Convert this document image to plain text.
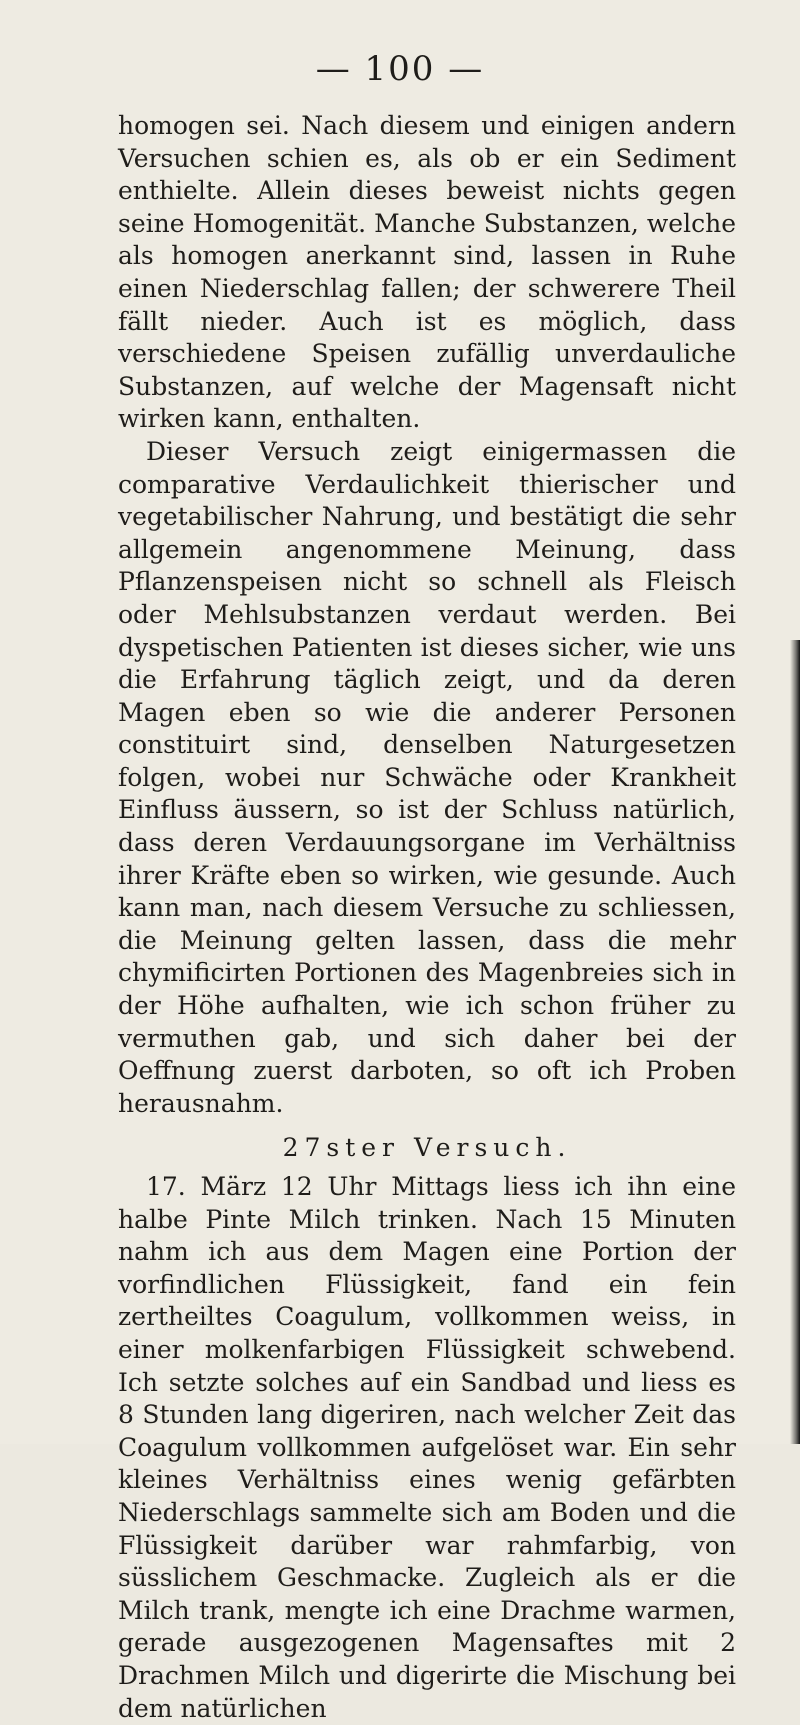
— 100 —

homogen sei. Nach diesem und einigen andern Versuchen schien es, als ob er ein Sediment enthielte. Allein dieses beweist nichts gegen seine Homogenität. Manche Substanzen, welche als homogen anerkannt sind, lassen in Ruhe einen Niederschlag fallen; der schwerere Theil fällt nieder. Auch ist es möglich, dass verschiedene Speisen zufällig unverdauliche Substanzen, auf welche der Magensaft nicht wirken kann, enthalten.

Dieser Versuch zeigt einigermassen die comparative Verdaulichkeit thierischer und vegetabilischer Nahrung, und bestätigt die sehr allgemein angenommene Meinung, dass Pflanzenspeisen nicht so schnell als Fleisch oder Mehlsubstanzen verdaut werden. Bei dyspetischen Patienten ist dieses sicher, wie uns die Erfahrung täglich zeigt, und da deren Magen eben so wie die anderer Personen constituirt sind, denselben Naturgesetzen folgen, wobei nur Schwäche oder Krankheit Einfluss äussern, so ist der Schluss natürlich, dass deren Verdauungsorgane im Verhältniss ihrer Kräfte eben so wirken, wie gesunde. Auch kann man, nach diesem Versuche zu schliessen, die Meinung gelten lassen, dass die mehr chymificirten Portionen des Magenbreies sich in der Höhe aufhalten, wie ich schon früher zu vermuthen gab, und sich daher bei der Oeffnung zuerst darboten, so oft ich Proben herausnahm.

27ster Versuch.

17. März 12 Uhr Mittags liess ich ihn eine halbe Pinte Milch trinken. Nach 15 Minuten nahm ich aus dem Magen eine Portion der vorfindlichen Flüssigkeit, fand ein fein zertheiltes Coagulum, vollkommen weiss, in einer molkenfarbigen Flüssigkeit schwebend. Ich setzte solches auf ein Sandbad und liess es 8 Stunden lang digeriren, nach welcher Zeit das Coagulum vollkommen aufgelöset war. Ein sehr kleines Verhältniss eines wenig gefärbten Niederschlags sammelte sich am Boden und die Flüssigkeit darüber war rahmfarbig, von süsslichem Geschmacke. Zugleich als er die Milch trank, mengte ich eine Drachme warmen, gerade ausgezogenen Magensaftes mit 2 Drachmen Milch und digerirte die Mischung bei dem natürlichen
